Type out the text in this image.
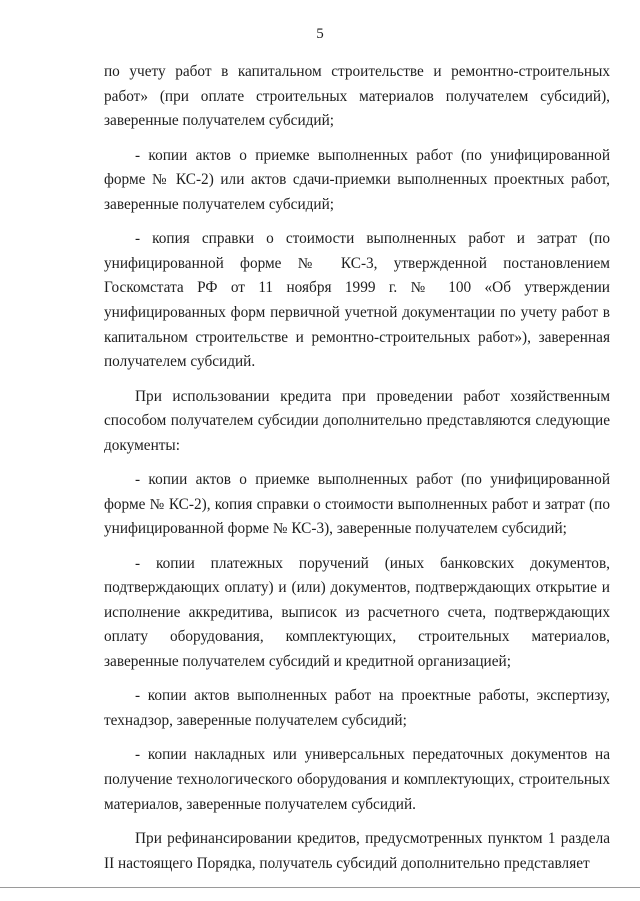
5

по учету работ в капитальном строительстве и ремонтно-строительных работ» (при оплате строительных материалов получателем субсидий), заверенные получателем субсидий;

- копии актов о приемке выполненных работ (по унифицированной форме № КС-2) или актов сдачи-приемки выполненных проектных работ, заверенные получателем субсидий;

- копия справки о стоимости выполненных работ и затрат (по унифицированной форме № КС-3, утвержденной постановлением Госкомстата РФ от 11 ноября 1999 г. № 100 «Об утверждении унифицированных форм первичной учетной документации по учету работ в капитальном строительстве и ремонтно-строительных работ»), заверенная получателем субсидий.

При использовании кредита при проведении работ хозяйственным способом получателем субсидии дополнительно представляются следующие документы:

- копии актов о приемке выполненных работ (по унифицированной форме № КС-2), копия справки о стоимости выполненных работ и затрат (по унифицированной форме № КС-3), заверенные получателем субсидий;

- копии платежных поручений (иных банковских документов, подтверждающих оплату) и (или) документов, подтверждающих открытие и исполнение аккредитива, выписок из расчетного счета, подтверждающих оплату оборудования, комплектующих, строительных материалов, заверенные получателем субсидий и кредитной организацией;

- копии актов выполненных работ на проектные работы, экспертизу, технадзор, заверенные получателем субсидий;

- копии накладных или универсальных передаточных документов на получение технологического оборудования и комплектующих, строительных материалов, заверенные получателем субсидий.

При рефинансировании кредитов, предусмотренных пунктом 1 раздела II настоящего Порядка, получатель субсидий дополнительно представляет
